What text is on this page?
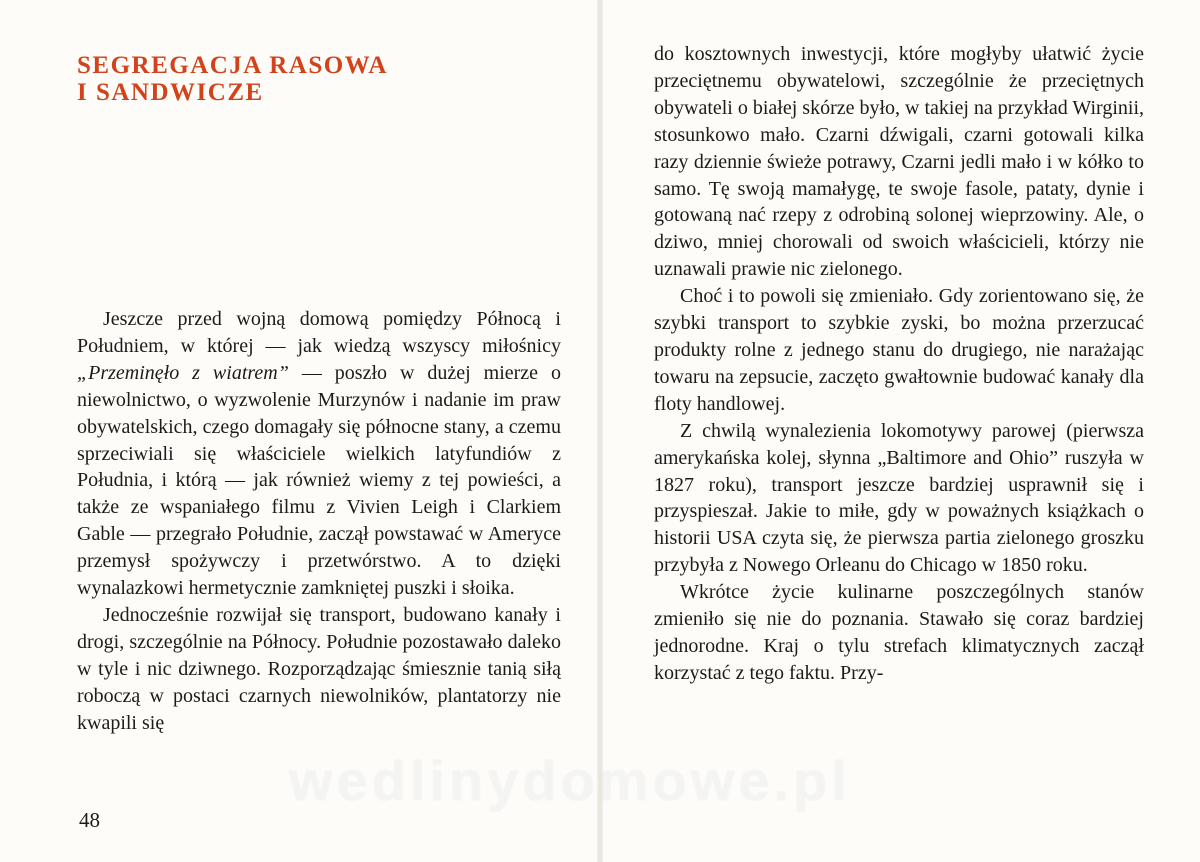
SEGREGACJA RASOWA
I SANDWICZE

Jeszcze przed wojną domową pomiędzy Północą i Południem, w której — jak wiedzą wszyscy miłośnicy „Przeminęło z wiatrem” — poszło w dużej mierze o niewolnictwo, o wyzwolenie Murzynów i nadanie im praw obywatelskich, czego domagały się północne stany, a czemu sprzeciwiali się właściciele wielkich latyfundiów z Południa, i którą — jak również wiemy z tej powieści, a także ze wspaniałego filmu z Vivien Leigh i Clarkiem Gable — przegrało Południe, zaczął powstawać w Ameryce przemysł spożywczy i przetwórstwo. A to dzięki wynalazkowi hermetycznie zamkniętej puszki i słoika.

Jednocześnie rozwijał się transport, budowano kanały i drogi, szczególnie na Północy. Południe pozostawało daleko w tyle i nic dziwnego. Rozporządzając śmiesznie tanią siłą roboczą w postaci czarnych niewolników, plantatorzy nie kwapili się

48

do kosztownych inwestycji, które mogłyby ułatwić życie przeciętnemu obywatelowi, szczególnie że przeciętnych obywateli o białej skórze było, w takiej na przykład Wirginii, stosunkowo mało. Czarni dźwigali, czarni gotowali kilka razy dziennie świeże potrawy, Czarni jedli mało i w kółko to samo. Tę swoją mamałygę, te swoje fasole, pataty, dynie i gotowaną nać rzepy z odrobiną solonej wieprzowiny. Ale, o dziwo, mniej chorowali od swoich właścicieli, którzy nie uznawali prawie nic zielonego.

Choć i to powoli się zmieniało. Gdy zorientowano się, że szybki transport to szybkie zyski, bo można przerzucać produkty rolne z jednego stanu do drugiego, nie narażając towaru na zepsucie, zaczęto gwałtownie budować kanały dla floty handlowej.

Z chwilą wynalezienia lokomotywy parowej (pierwsza amerykańska kolej, słynna „Baltimore and Ohio” ruszyła w 1827 roku), transport jeszcze bardziej usprawnił się i przyspieszał. Jakie to miłe, gdy w poważnych książkach o historii USA czyta się, że pierwsza partia zielonego groszku przybyła z Nowego Orleanu do Chicago w 1850 roku.

Wkrótce życie kulinarne poszczególnych stanów zmieniło się nie do poznania. Stawało się coraz bardziej jednorodne. Kraj o tylu strefach klimatycznych zaczął korzystać z tego faktu. Przy-

wedlinydomowe.pl
